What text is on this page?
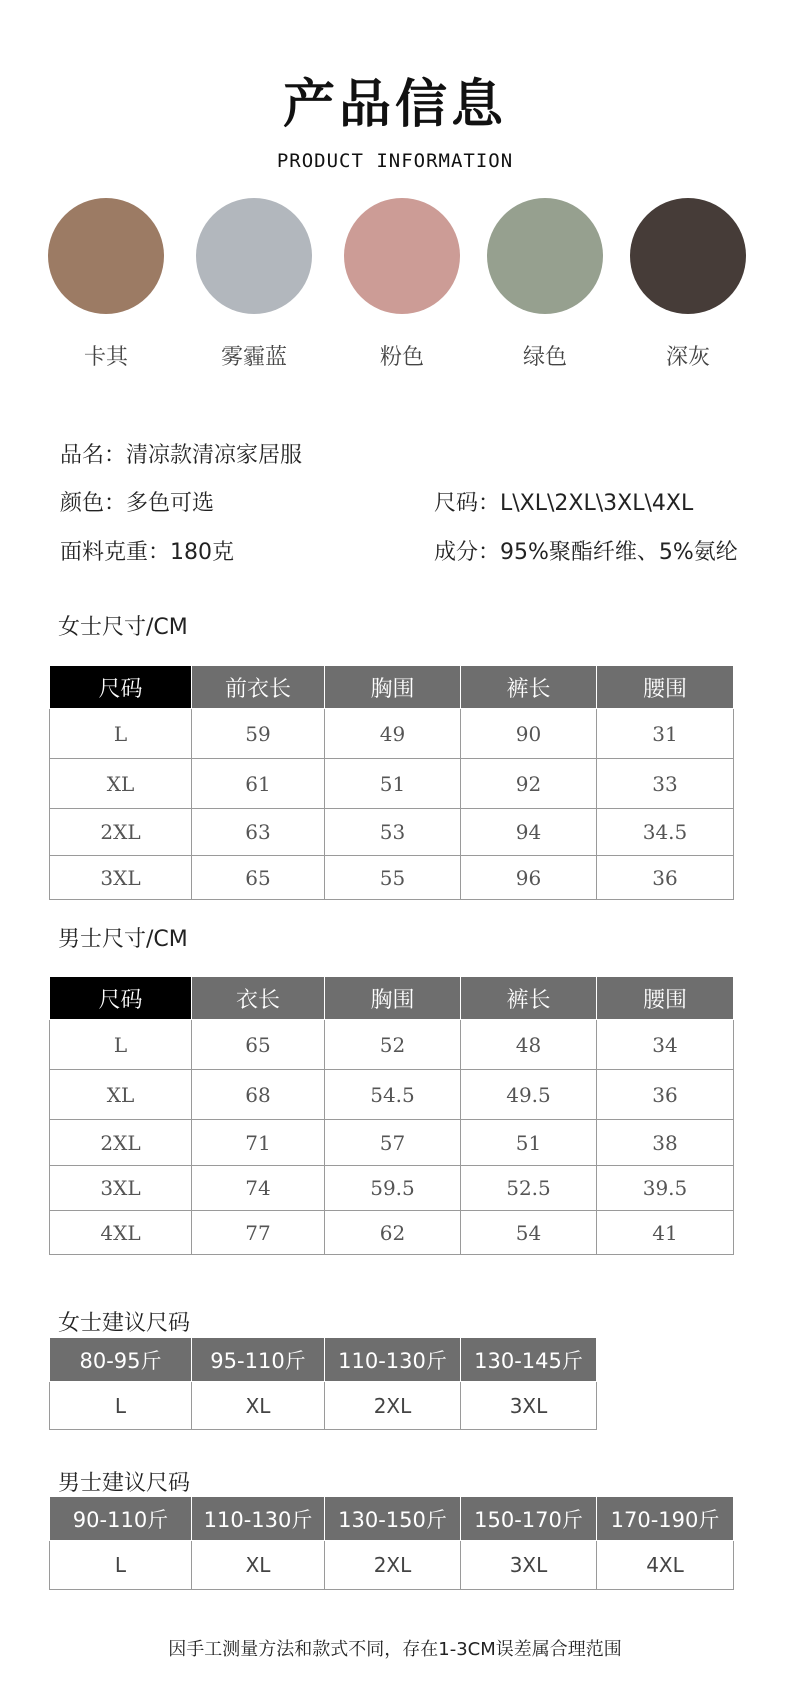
产品信息
PRODUCT INFORMATION
卡其	雾霾蓝	粉色	绿色	深灰
品名：清凉款清凉家居服
颜色：多色可选	尺码：L\XL\2XL\3XL\4XL
面料克重：180克	成分：95%聚酯纤维、5%氨纶
女士尺寸/CM
尺码	前衣长	胸围	裤长	腰围
L	59	49	90	31
XL	61	51	92	33
2XL	63	53	94	34.5
3XL	65	55	96	36
男士尺寸/CM
尺码	衣长	胸围	裤长	腰围
L	65	52	48	34
XL	68	54.5	49.5	36
2XL	71	57	51	38
3XL	74	59.5	52.5	39.5
4XL	77	62	54	41
女士建议尺码
80-95斤	95-110斤	110-130斤	130-145斤
L	XL	2XL	3XL
男士建议尺码
90-110斤	110-130斤	130-150斤	150-170斤	170-190斤
L	XL	2XL	3XL	4XL
因手工测量方法和款式不同，存在1-3CM误差属合理范围
